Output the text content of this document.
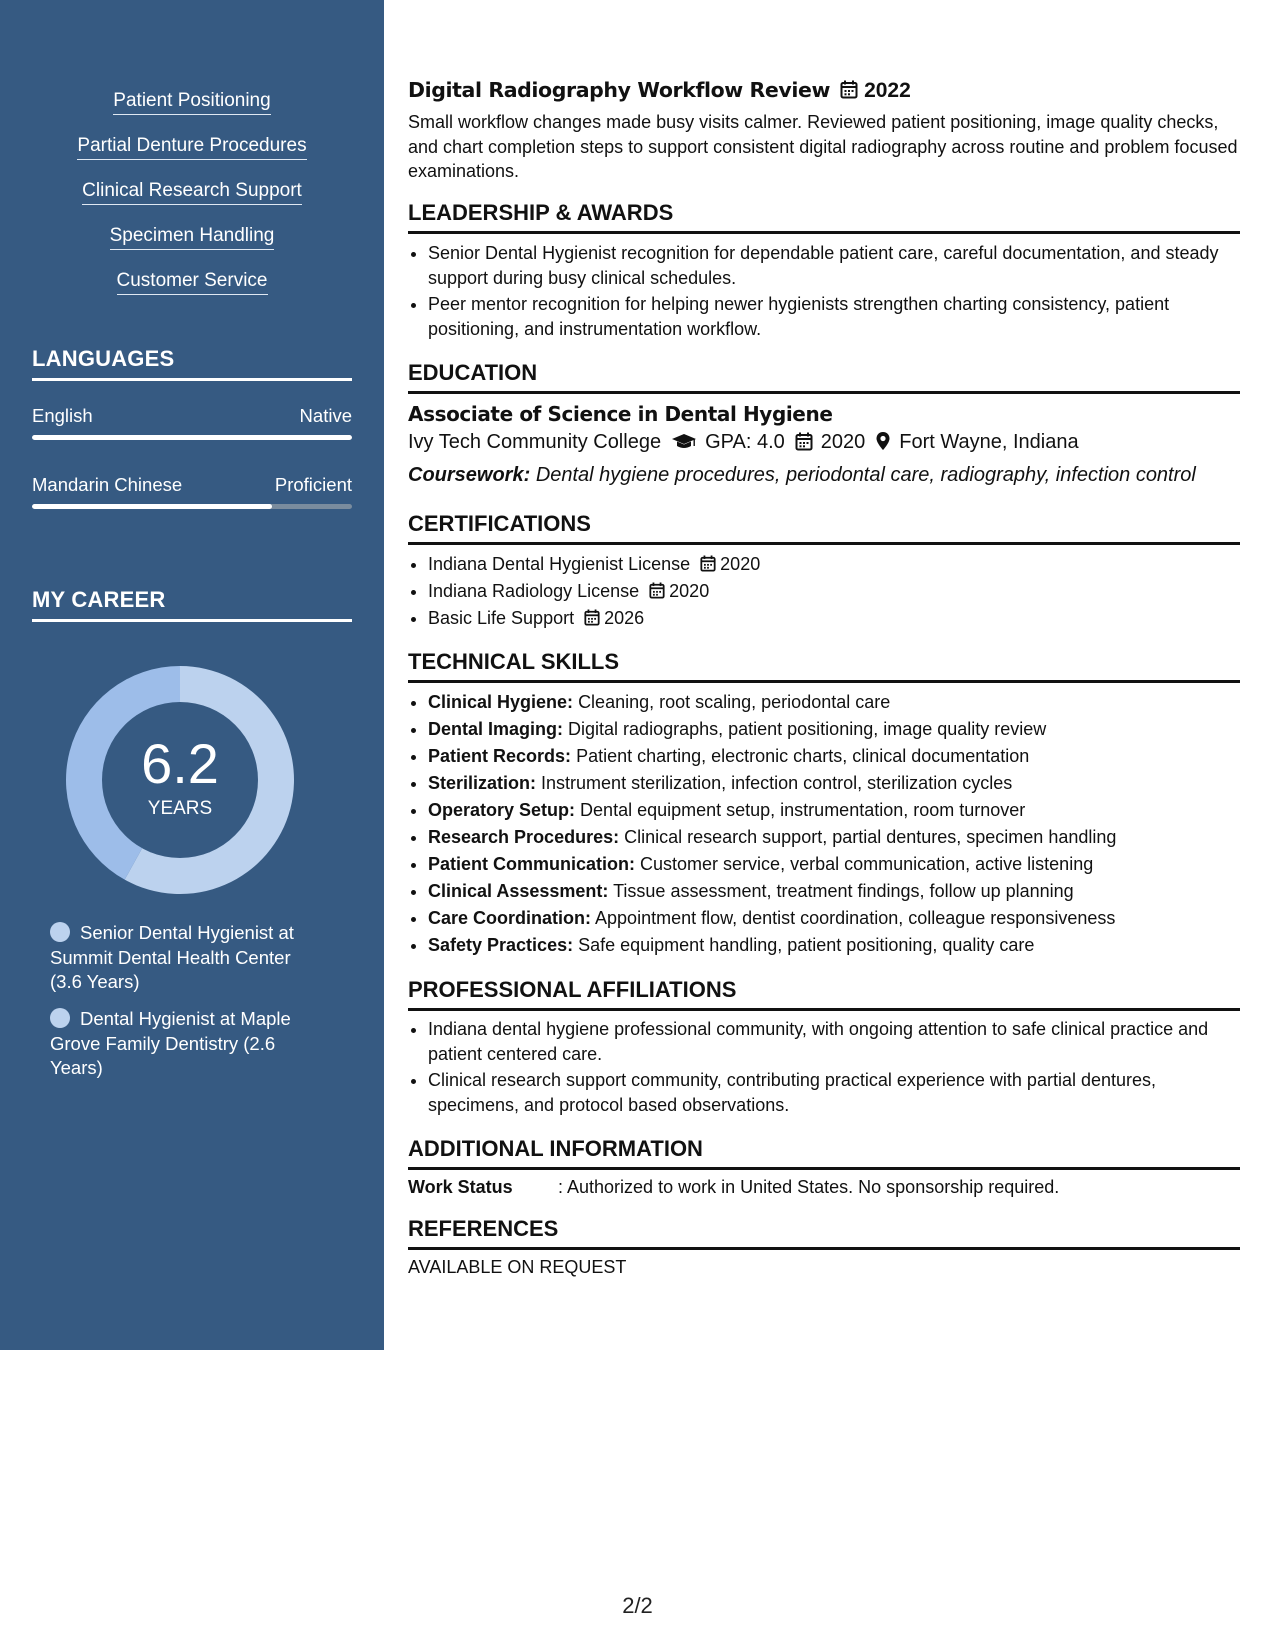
Patient Positioning
Partial Denture Procedures
Clinical Research Support
Specimen Handling
Customer Service
LANGUAGES
English	Native
Mandarin Chinese	Proficient
MY CAREER
6.2
YEARS
Senior Dental Hygienist at Summit Dental Health Center (3.6 Years)
Dental Hygienist at Maple Grove Family Dentistry (2.6 Years)
Digital Radiography Workflow Review 2022
Small workflow changes made busy visits calmer. Reviewed patient positioning, image quality checks, and chart completion steps to support consistent digital radiography across routine and problem focused examinations.
LEADERSHIP & AWARDS
• Senior Dental Hygienist recognition for dependable patient care, careful documentation, and steady support during busy clinical schedules.
• Peer mentor recognition for helping newer hygienists strengthen charting consistency, patient positioning, and instrumentation workflow.
EDUCATION
Associate of Science in Dental Hygiene
Ivy Tech Community College GPA: 4.0 2020 Fort Wayne, Indiana
Coursework: Dental hygiene procedures, periodontal care, radiography, infection control
CERTIFICATIONS
• Indiana Dental Hygienist License 2020
• Indiana Radiology License 2020
• Basic Life Support 2026
TECHNICAL SKILLS
• Clinical Hygiene: Cleaning, root scaling, periodontal care
• Dental Imaging: Digital radiographs, patient positioning, image quality review
• Patient Records: Patient charting, electronic charts, clinical documentation
• Sterilization: Instrument sterilization, infection control, sterilization cycles
• Operatory Setup: Dental equipment setup, instrumentation, room turnover
• Research Procedures: Clinical research support, partial dentures, specimen handling
• Patient Communication: Customer service, verbal communication, active listening
• Clinical Assessment: Tissue assessment, treatment findings, follow up planning
• Care Coordination: Appointment flow, dentist coordination, colleague responsiveness
• Safety Practices: Safe equipment handling, patient positioning, quality care
PROFESSIONAL AFFILIATIONS
• Indiana dental hygiene professional community, with ongoing attention to safe clinical practice and patient centered care.
• Clinical research support community, contributing practical experience with partial dentures, specimens, and protocol based observations.
ADDITIONAL INFORMATION
Work Status	: Authorized to work in United States. No sponsorship required.
REFERENCES
AVAILABLE ON REQUEST
2/2
